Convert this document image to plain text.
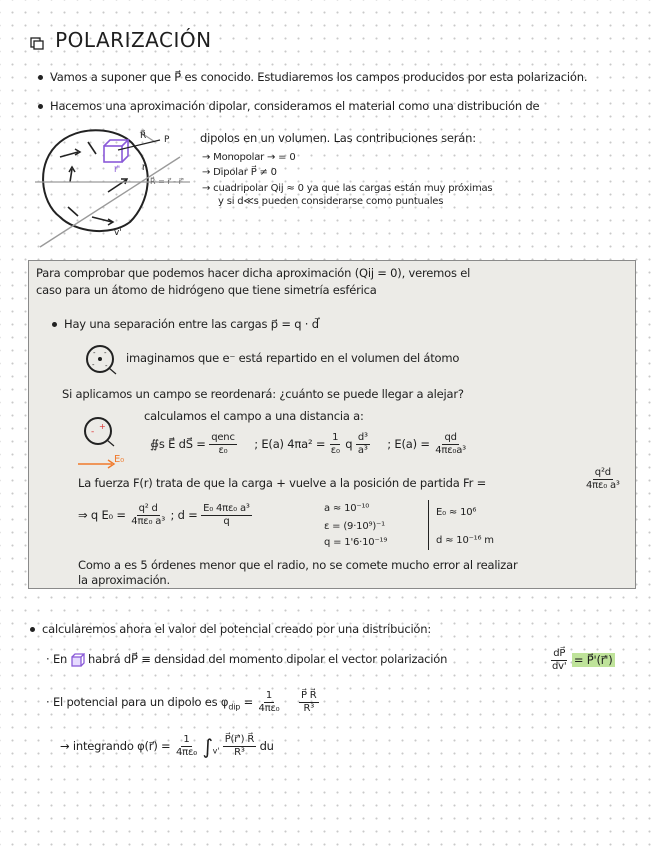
POLARIZACIÓN
Vamos a suponer que P⃗ es conocido. Estudiaremos los campos producidos por esta polarización.
Hacemos una aproximación dipolar, consideramos el material como una distribución de
dipolos en un volumen. Las contribuciones serán:
→ Monopolar → = 0
→ Dipolar P⃗ ≠ 0
→ cuadripolar Qij ≈ 0 ya que las cargas están muy próximas
y si d≪s pueden considerarse como puntuales
R⃗ P
r⃗
r⃗'
R⃗ = r⃗ - r⃗'
v'
Para comprobar que podemos hacer dicha aproximación (Qij = 0), veremos el
caso para un átomo de hidrógeno que tiene simetría esférica
Hay una separación entre las cargas p⃗ = q · d⃗
- -
- -
imaginamos que e⁻ está repartido en el volumen del átomo
Si aplicamos un campo se reordenará: ¿cuánto se puede llegar a alejar?
calculamos el campo a una distancia a:
-
+
E₀
∯s E⃗ dS⃗ = $\frac{\text{qenc}}{\text{ε₀}}$ ; E(a) $4\pi a^2 = \frac{1}{\text{ε₀}}$ q $\frac{\text{d³}}{\text{a³}}$ ; $E(a) = \frac{qd}{\text{4πε₀a³}}$
La fuerza F(r) trata de que la carga + vuelve a la posición de partida Fr =	$\frac{\text{q²d}}{\text{4πε₀ a³}}$
⇒ q $E_0 = \frac{\text{q² d}}{\text{4πε₀ a³}}$ ; $d = \frac{\text{E₀ 4πε₀ a³}}{q}$	a ≈ 10⁻¹⁰
ε = (9·10⁹)⁻¹
q = 1'6·10⁻¹⁹
E₀ ≈ 10⁶
d ≈ 10⁻¹⁶ m
Como a es 5 órdenes menor que el radio, no se comete mucho error al realizar
la aproximación.
calcularemos ahora el valor del potencial creado por una distribución:
· En habrá dP⃗ ≡ densidad del momento dipolar el vector polarización	$\frac{dP⃗}{dv'}$ = P⃗'(r⃗')
· El potencial para un dipolo es $\varphi_{dip} = \frac{1}{\text{4πε₀}}$
$\frac{P⃗ R⃗}{\text{R³}}$
→ integrando φ(r⃗) = $\frac{1}{\text{4πε₀}} \int_{v'} \frac{P⃗(r⃗') R⃗}{\text{R³}}$ du
